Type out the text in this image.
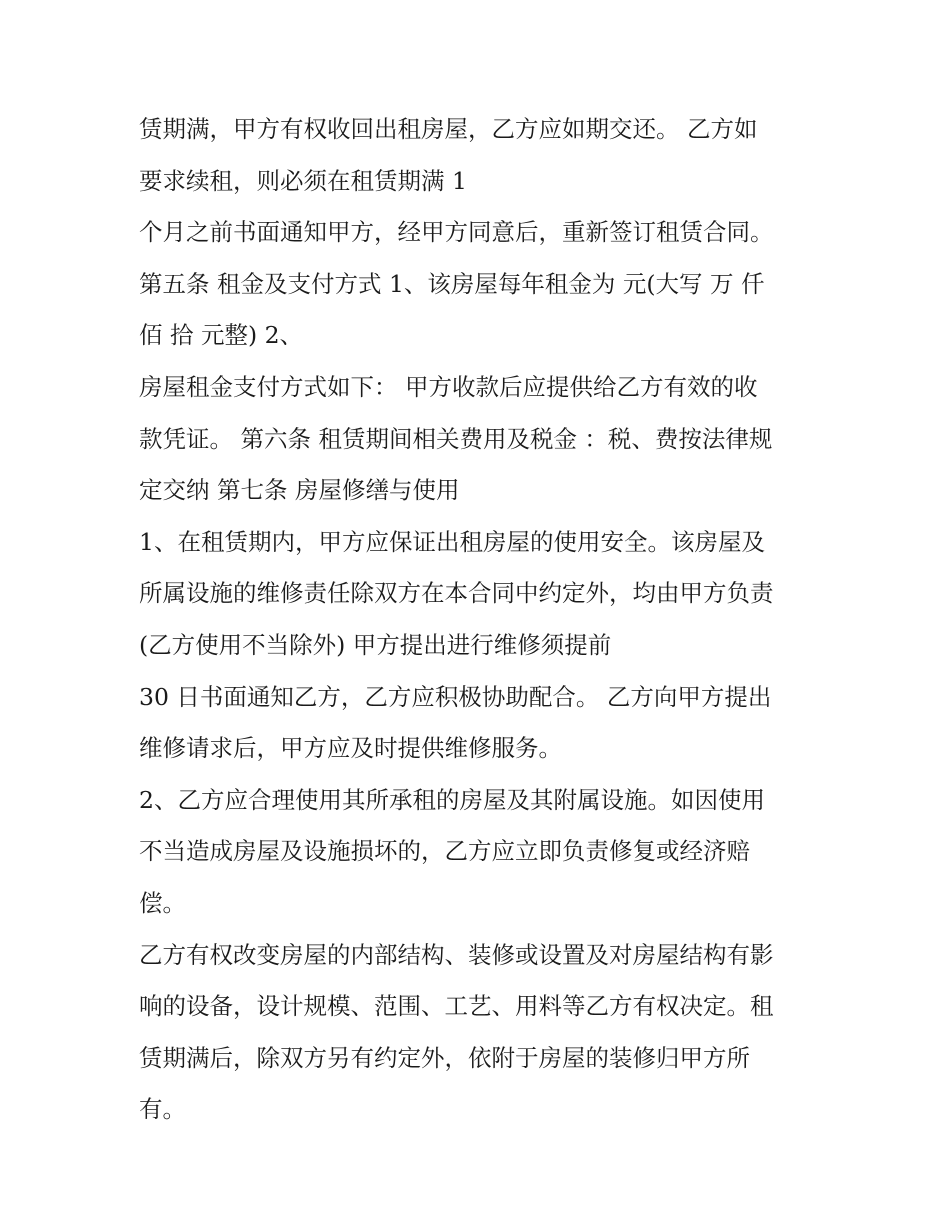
赁期满，甲方有权收回出租房屋，乙方应如期交还。 乙方如
要求续租，则必须在租赁期满 1
个月之前书面通知甲方，经甲方同意后，重新签订租赁合同。
第五条 租金及支付方式 1、该房屋每年租金为 元(大写 万 仟
佰 拾 元整) 2、
房屋租金支付方式如下： 甲方收款后应提供给乙方有效的收
款凭证。 第六条 租赁期间相关费用及税金 ：税、费按法律规
定交纳 第七条 房屋修缮与使用
1、在租赁期内，甲方应保证出租房屋的使用安全。该房屋及
所属设施的维修责任除双方在本合同中约定外，均由甲方负责
(乙方使用不当除外) 甲方提出进行维修须提前
30 日书面通知乙方，乙方应积极协助配合。 乙方向甲方提出
维修请求后，甲方应及时提供维修服务。
2、乙方应合理使用其所承租的房屋及其附属设施。如因使用
不当造成房屋及设施损坏的，乙方应立即负责修复或经济赔
偿。
乙方有权改变房屋的内部结构、装修或设置及对房屋结构有影
响的设备，设计规模、范围、工艺、用料等乙方有权决定。租
赁期满后，除双方另有约定外，依附于房屋的装修归甲方所
有。
